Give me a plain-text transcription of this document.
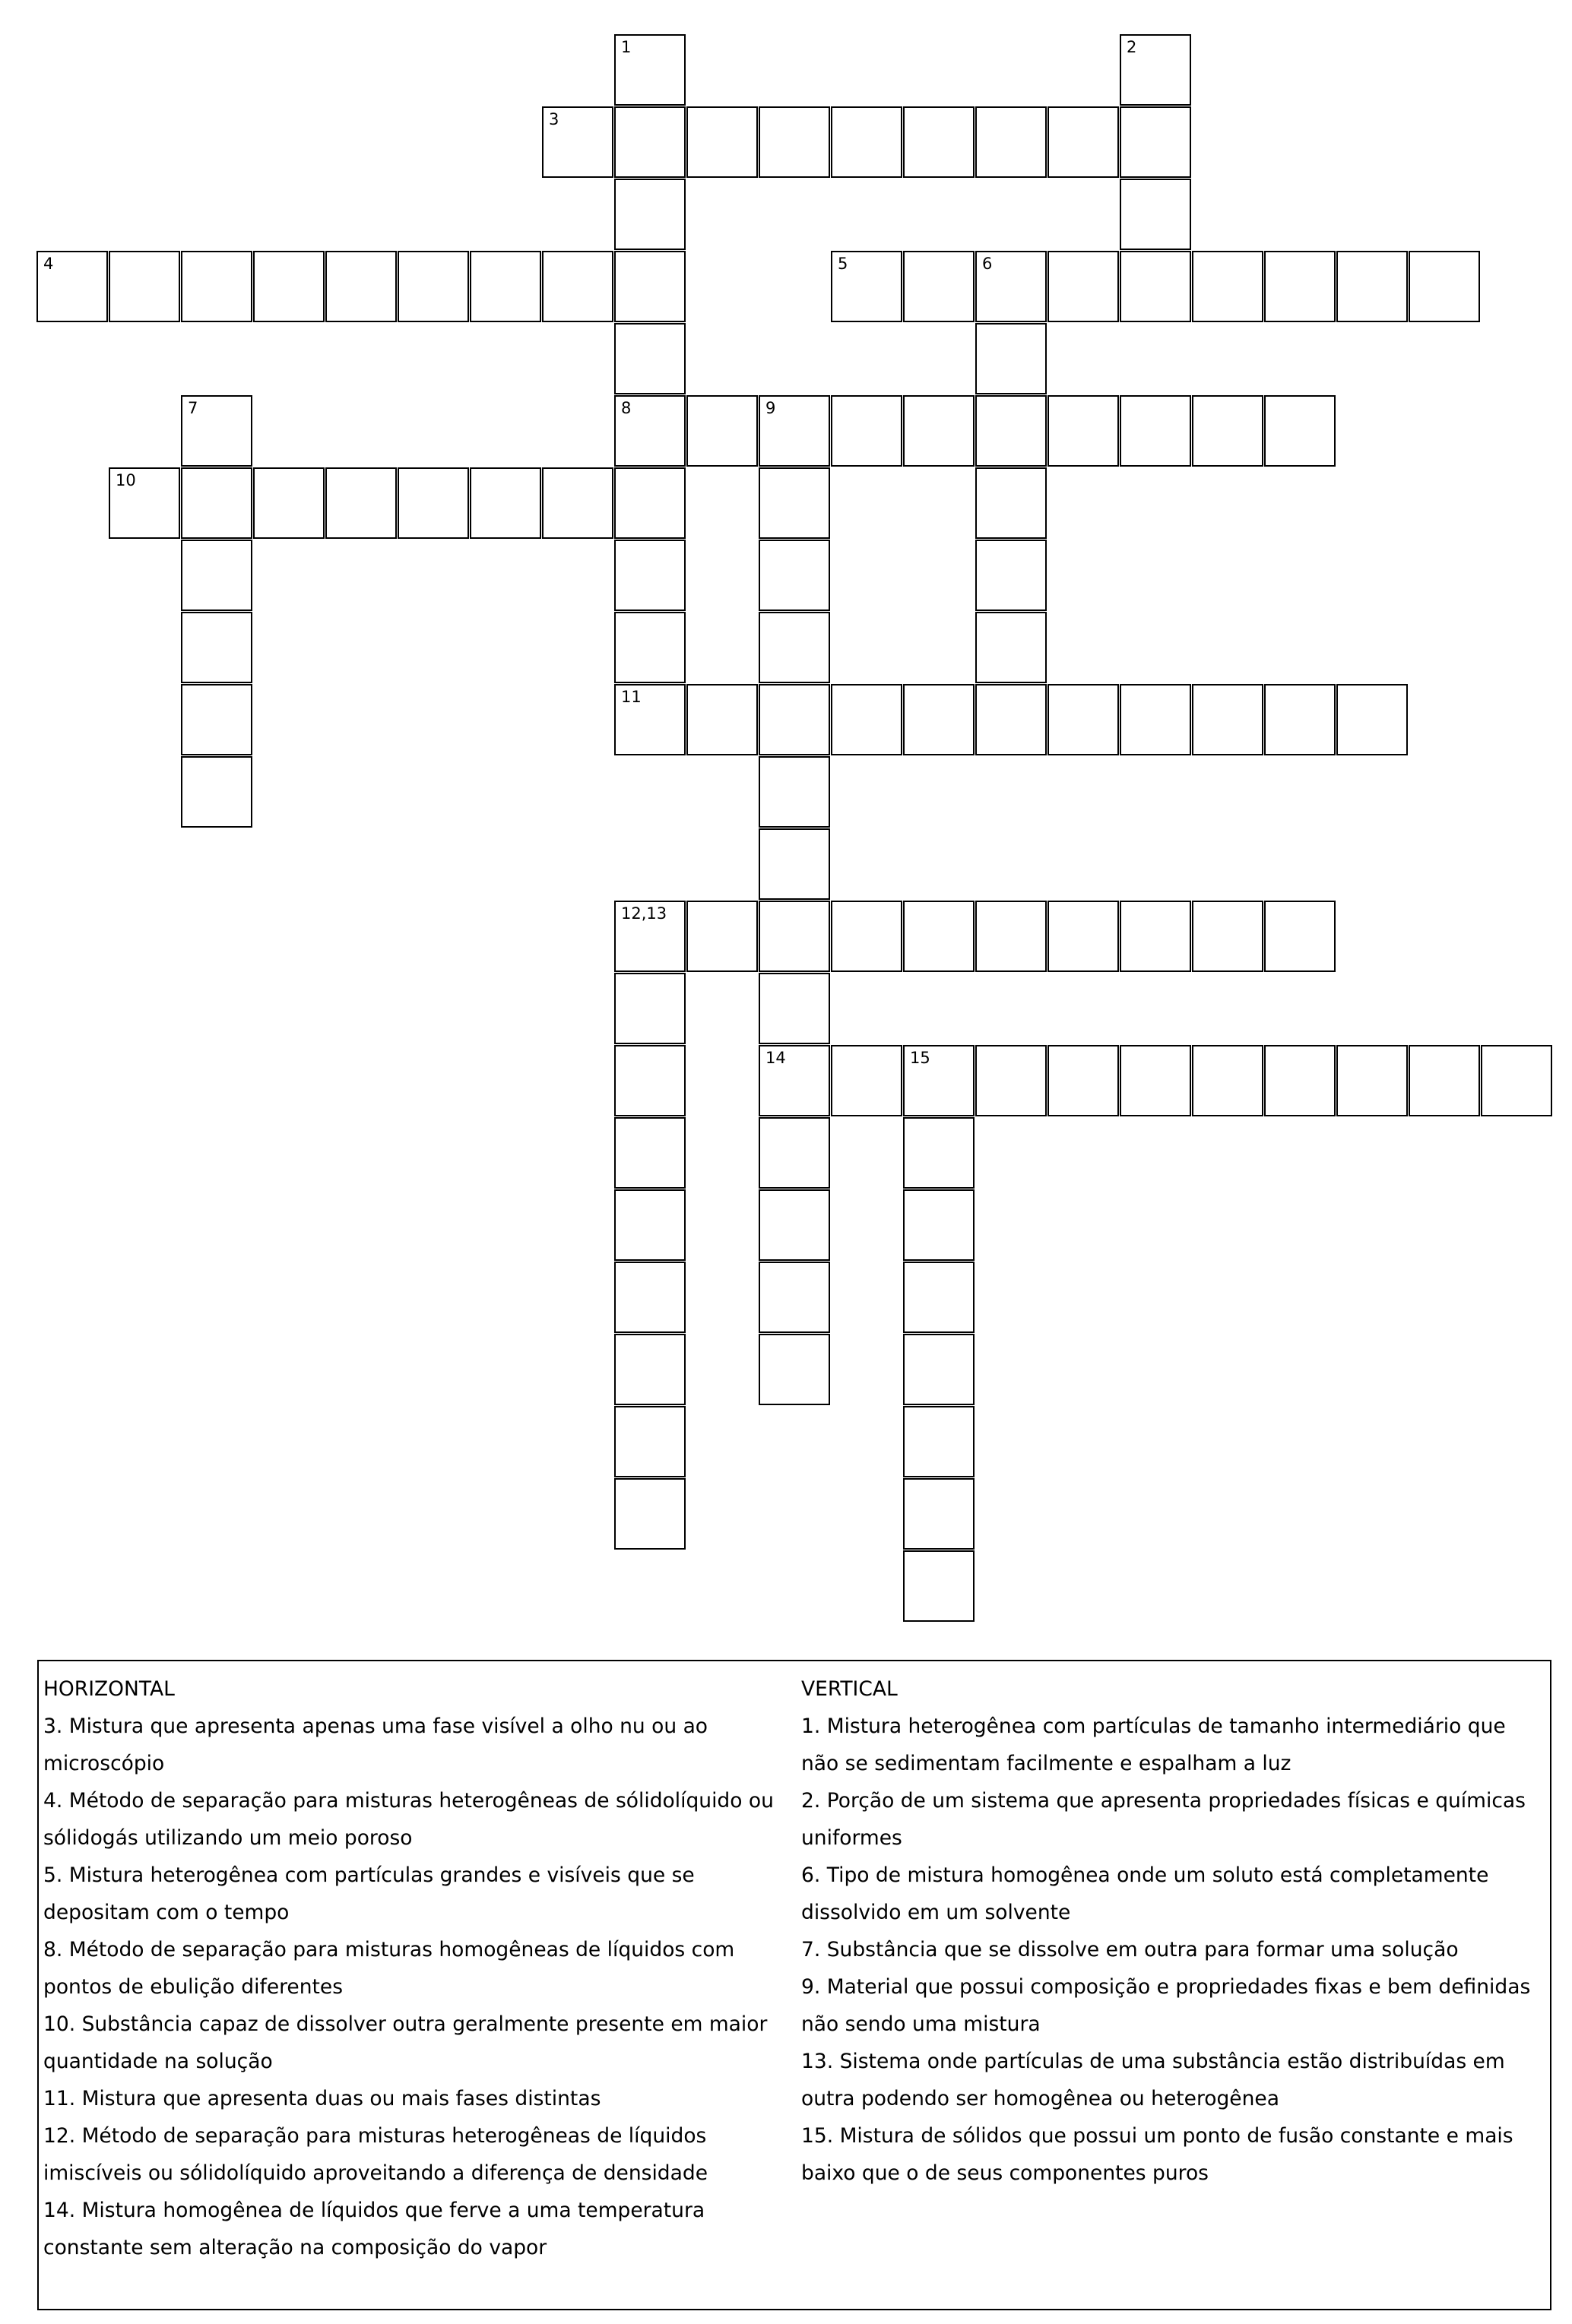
1
8
2
3
4	5	6
7	9
14
10
11
12,13
15
HORIZONTAL
3. Mistura que apresenta apenas uma fase visível a olho nu ou ao microscópio
4. Método de separação para misturas heterogêneas de sólidolíquido ou sólidogás utilizando um meio poroso
5. Mistura heterogênea com partículas grandes e visíveis que se depositam com o tempo
8. Método de separação para misturas homogêneas de líquidos com pontos de ebulição diferentes
10. Substância capaz de dissolver outra geralmente presente em maior quantidade na solução
11. Mistura que apresenta duas ou mais fases distintas
12. Método de separação para misturas heterogêneas de líquidos imiscíveis ou sólidolíquido aproveitando a diferença de densidade
14. Mistura homogênea de líquidos que ferve a uma temperatura constante sem alteração na composição do vapor
VERTICAL
1. Mistura heterogênea com partículas de tamanho intermediário que não se sedimentam facilmente e espalham a luz
2. Porção de um sistema que apresenta propriedades físicas e químicas uniformes
6. Tipo de mistura homogênea onde um soluto está completamente dissolvido em um solvente
7. Substância que se dissolve em outra para formar uma solução
9. Material que possui composição e propriedades fixas e bem definidas não sendo uma mistura
13. Sistema onde partículas de uma substância estão distribuídas em outra podendo ser homogênea ou heterogênea
15. Mistura de sólidos que possui um ponto de fusão constante e mais baixo que o de seus componentes puros
